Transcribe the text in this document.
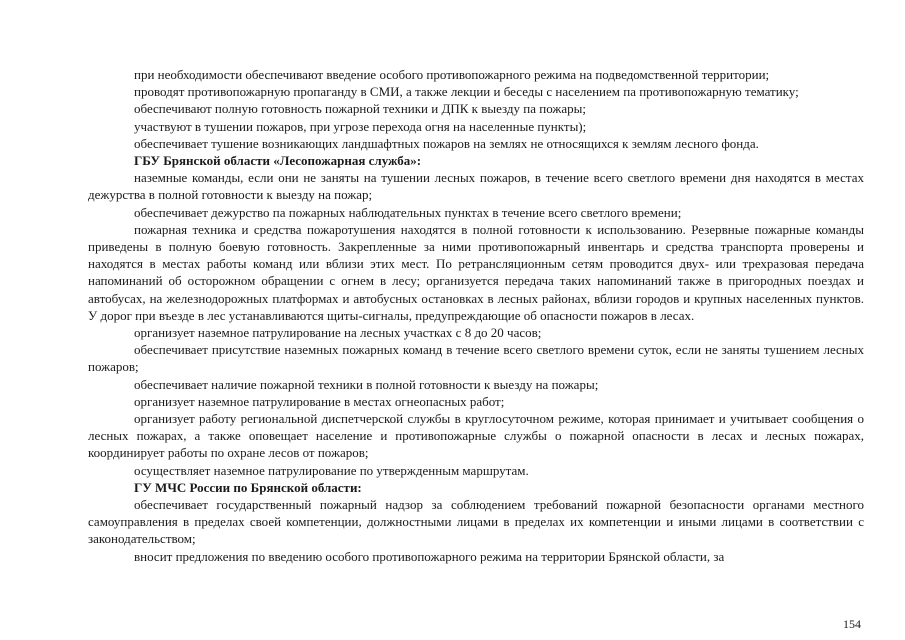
при необходимости обеспечивают введение особого противопожарного режима на подведомственной территории;

проводят противопожарную пропаганду в СМИ, а также лекции и беседы с населением па противопожарную тематику;

обеспечивают полную готовность пожарной техники и ДПК к выезду па пожары;

участвуют в тушении пожаров, при угрозе перехода огня на населенные пункты);

обеспечивает тушение возникающих ландшафтных пожаров на землях не относящихся к землям лесного фонда.

ГБУ Брянской области «Лесопожарная служба»:

наземные команды, если они не заняты на тушении лесных пожаров, в течение всего светлого времени дня находятся в местах дежурства в полной готовности к выезду на пожар;

обеспечивает дежурство па пожарных наблюдательных пунктах в течение всего светлого времени;

пожарная техника и средства пожаротушения находятся в полной готовности к использованию. Резервные пожарные команды приведены в полную боевую готовность. Закрепленные за ними противопожарный инвентарь и средства транспорта проверены и находятся в местах работы команд или вблизи этих мест. По ретрансляционным сетям проводится двух- или трехразовая передача напоминаний об осторожном обращении с огнем в лесу; организуется передача таких напоминаний также в пригородных поездах и автобусах, на железнодорожных платформах и автобусных остановках в лесных районах, вблизи городов и крупных населенных пунктов. У дорог при въезде в лес устанавливаются щиты-сигналы, предупреждающие об опасности пожаров в лесах.

организует наземное патрулирование на лесных участках с 8 до 20 часов;

обеспечивает присутствие наземных пожарных команд в течение всего светлого времени суток, если не заняты тушением лесных пожаров;

обеспечивает наличие пожарной техники в полной готовности к выезду на пожары;

организует наземное патрулирование в местах огнеопасных работ;

организует работу региональной диспетчерской службы в круглосуточном режиме, которая принимает и учитывает сообщения о лесных пожарах, а также оповещает население и противопожарные службы о пожарной опасности в лесах и лесных пожарах, координирует работы по охране лесов от пожаров;

осуществляет наземное патрулирование по утвержденным маршрутам.

ГУ МЧС России по Брянской области:

обеспечивает государственный пожарный надзор за соблюдением требований пожарной безопасности органами местного самоуправления в пределах своей компетенции, должностными лицами в пределах их компетенции и иными лицами в соответствии с законодательством;

вносит предложения по введению особого противопожарного режима на территории Брянской области, за

154
